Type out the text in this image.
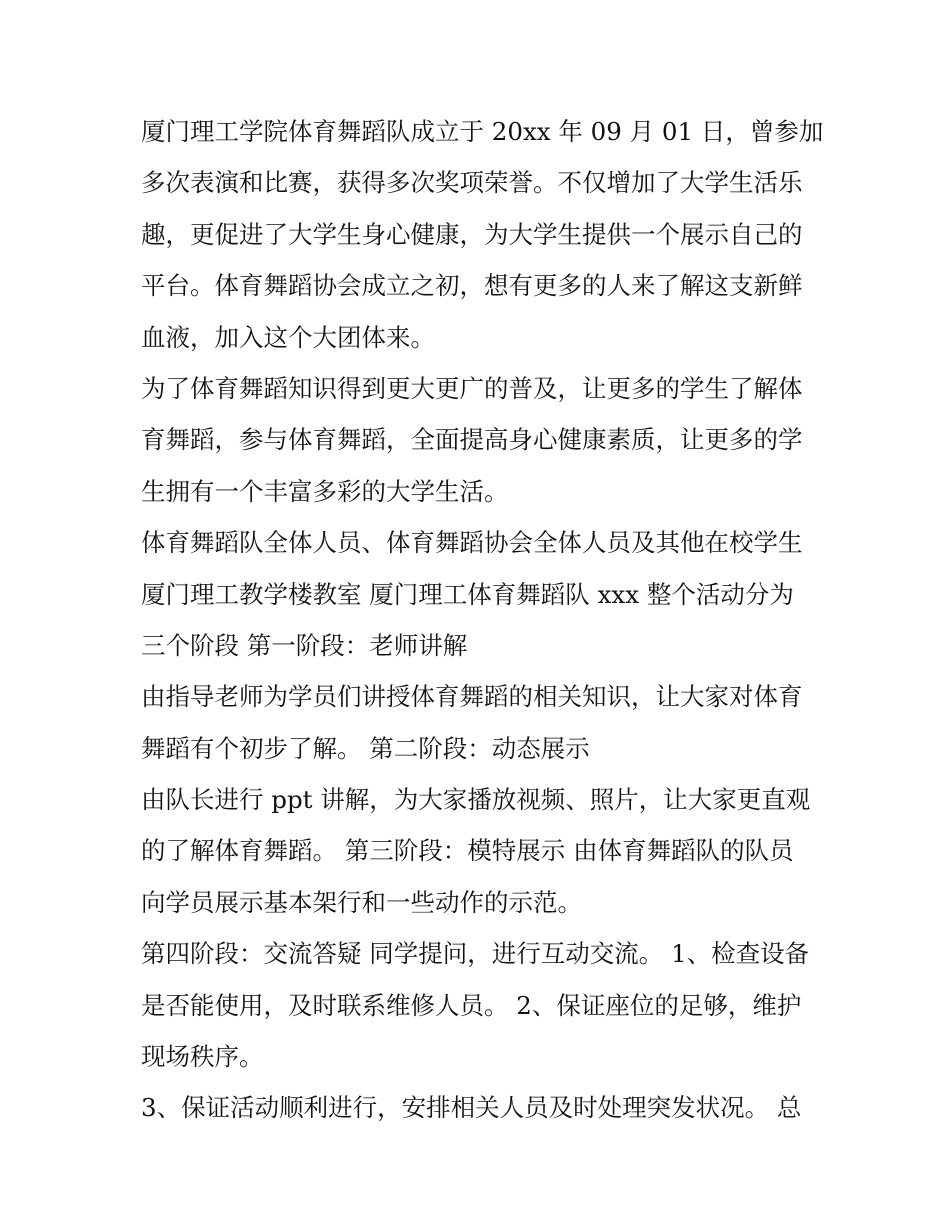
厦门理工学院体育舞蹈队成立于 20xx 年 09 月 01 日，曾参加
多次表演和比赛，获得多次奖项荣誉。不仅增加了大学生活乐
趣，更促进了大学生身心健康，为大学生提供一个展示自己的
平台。体育舞蹈协会成立之初，想有更多的人来了解这支新鲜
血液，加入这个大团体来。
为了体育舞蹈知识得到更大更广的普及，让更多的学生了解体
育舞蹈，参与体育舞蹈，全面提高身心健康素质，让更多的学
生拥有一个丰富多彩的大学生活。
体育舞蹈队全体人员、体育舞蹈协会全体人员及其他在校学生
厦门理工教学楼教室 厦门理工体育舞蹈队 xxx 整个活动分为
三个阶段 第一阶段：老师讲解
由指导老师为学员们讲授体育舞蹈的相关知识，让大家对体育
舞蹈有个初步了解。 第二阶段：动态展示
由队长进行 ppt 讲解，为大家播放视频、照片，让大家更直观
的了解体育舞蹈。 第三阶段：模特展示 由体育舞蹈队的队员
向学员展示基本架行和一些动作的示范。
第四阶段：交流答疑 同学提问，进行互动交流。 1、检查设备
是否能使用，及时联系维修人员。 2、保证座位的足够，维护
现场秩序。
3、保证活动顺利进行，安排相关人员及时处理突发状况。 总
